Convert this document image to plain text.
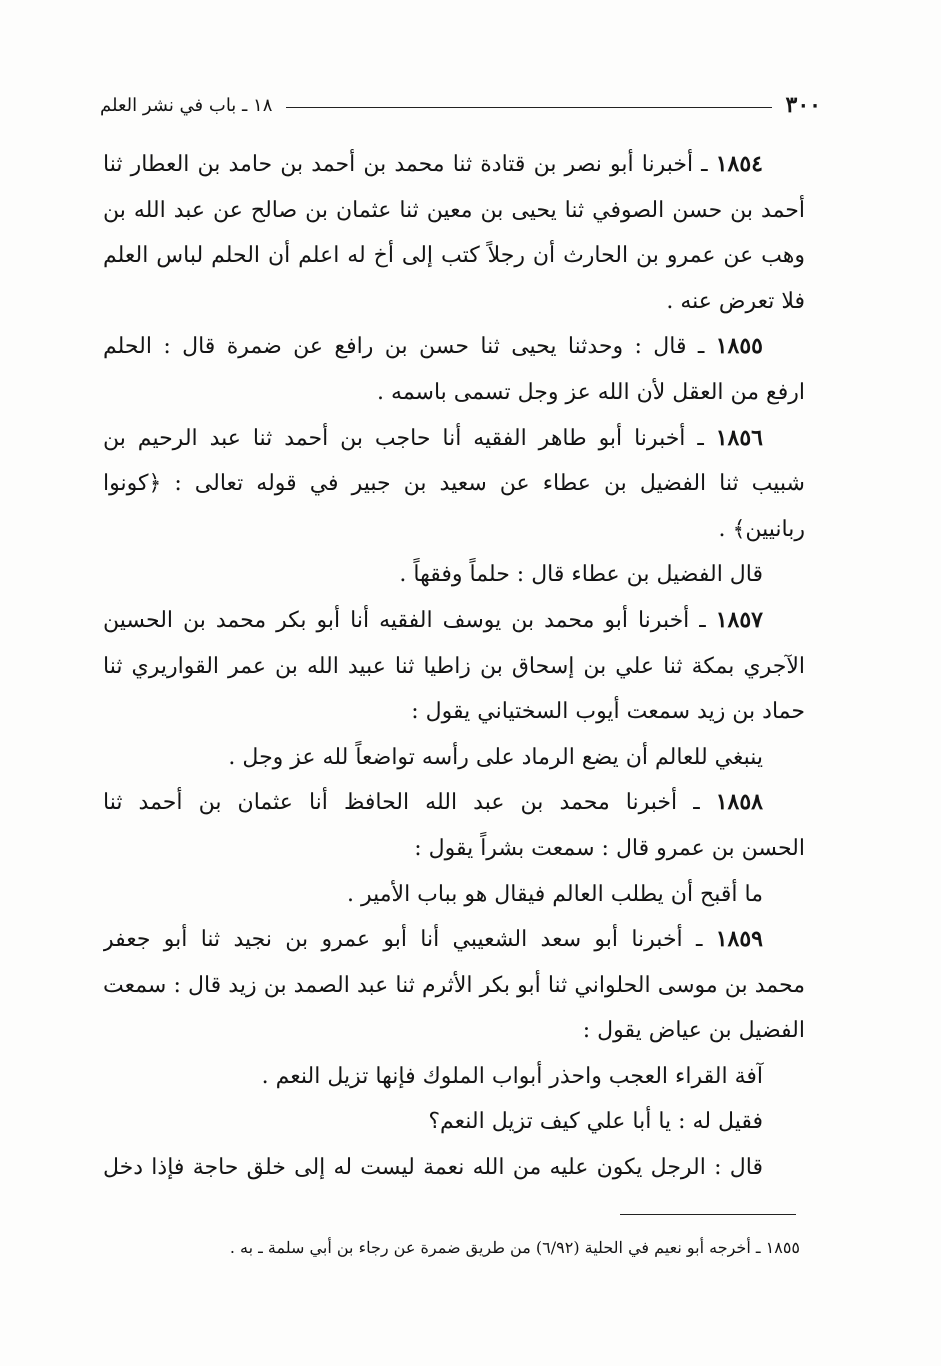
٣٠٠
١٨ ـ باب في نشر العلم
١٨٥٤ ـ أخبرنا أبو نصر بن قتادة ثنا محمد بن أحمد بن حامد بن العطار ثنا
أحمد بن حسن الصوفي ثنا يحيى بن معين ثنا عثمان بن صالح عن عبد الله بن
وهب عن عمرو بن الحارث أن رجلاً كتب إلى أخ له اعلم أن الحلم لباس العلم
فلا تعرض عنه .
١٨٥٥ ـ قال : وحدثنا يحيى ثنا حسن بن رافع عن ضمرة قال : الحلم
ارفع من العقل لأن الله عز وجل تسمى باسمه .
١٨٥٦ ـ أخبرنا أبو طاهر الفقيه أنا حاجب بن أحمد ثنا عبد الرحيم بن
شبيب ثنا الفضيل بن عطاء عن سعيد بن جبير في قوله تعالى : ﴿كونوا
ربانيين﴾ .
قال الفضيل بن عطاء قال : حلماً وفقهاً .
١٨٥٧ ـ أخبرنا أبو محمد بن يوسف الفقيه أنا أبو بكر محمد بن الحسين
الآجري بمكة ثنا علي بن إسحاق بن زاطيا ثنا عبيد الله بن عمر القواريري ثنا
حماد بن زيد سمعت أيوب السختياني يقول :
ينبغي للعالم أن يضع الرماد على رأسه تواضعاً لله عز وجل .
١٨٥٨ ـ أخبرنا محمد بن عبد الله الحافظ أنا عثمان بن أحمد ثنا
الحسن بن عمرو قال : سمعت بشراً يقول :
ما أقبح أن يطلب العالم فيقال هو بباب الأمير .
١٨٥٩ ـ أخبرنا أبو سعد الشعيبي أنا أبو عمرو بن نجيد ثنا أبو جعفر
محمد بن موسى الحلواني ثنا أبو بكر الأثرم ثنا عبد الصمد بن زيد قال : سمعت
الفضيل بن عياض يقول :
آفة القراء العجب واحذر أبواب الملوك فإنها تزيل النعم .
فقيل له : يا أبا علي كيف تزيل النعم؟
قال : الرجل يكون عليه من الله نعمة ليست له إلى خلق حاجة فإذا دخل
١٨٥٥ ـ أخرجه أبو نعيم في الحلية (٦/٩٢) من طريق ضمرة عن رجاء بن أبي سلمة ـ به .
